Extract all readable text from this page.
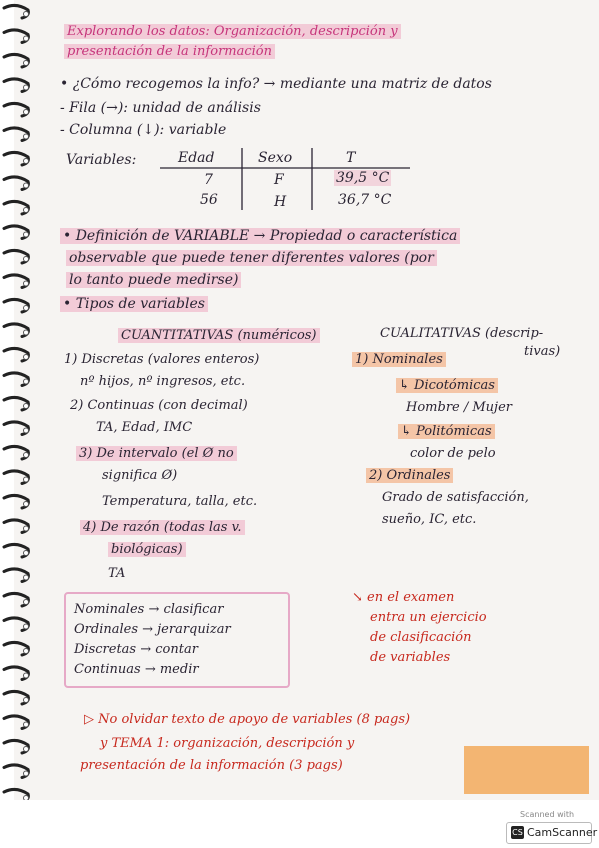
Explorando los datos: Organización, descripción y
presentación de la información
• ¿Cómo recogemos la info? → mediante una matriz de datos
- Fila (→): unidad de análisis
- Columna (↓): variable
Variables:	Edad	Sexo	T
7	F	39,5 °C
56	H	36,7 °C
• Definición de VARIABLE → Propiedad o característica
observable que puede tener diferentes valores (por
lo tanto puede medirse)
• Tipos de variables
CUANTITATIVAS (numéricos)
1) Discretas (valores enteros)
nº hijos, nº ingresos, etc.
2) Continuas (con decimal)
TA, Edad, IMC
3) De intervalo (el Ø no
significa Ø)
Temperatura, talla, etc.
4) De razón (todas las v.
biológicas)
TA
CUALITATIVAS (descrip-
tivas)
1) Nominales
↳ Dicotómicas
Hombre / Mujer
↳ Politómicas
color de pelo
2) Ordinales
Grado de satisfacción,
sueño, IC, etc.
Nominales → clasificar
Ordinales → jerarquizar
Discretas → contar
Continuas → medir
↘ en el examen
entra un ejercicio
de clasificación
de variables
▷ No olvidar texto de apoyo de variables (8 pags)
y TEMA 1: organización, descripción y
presentación de la información (3 pags)
Scanned with
CS CamScanner
